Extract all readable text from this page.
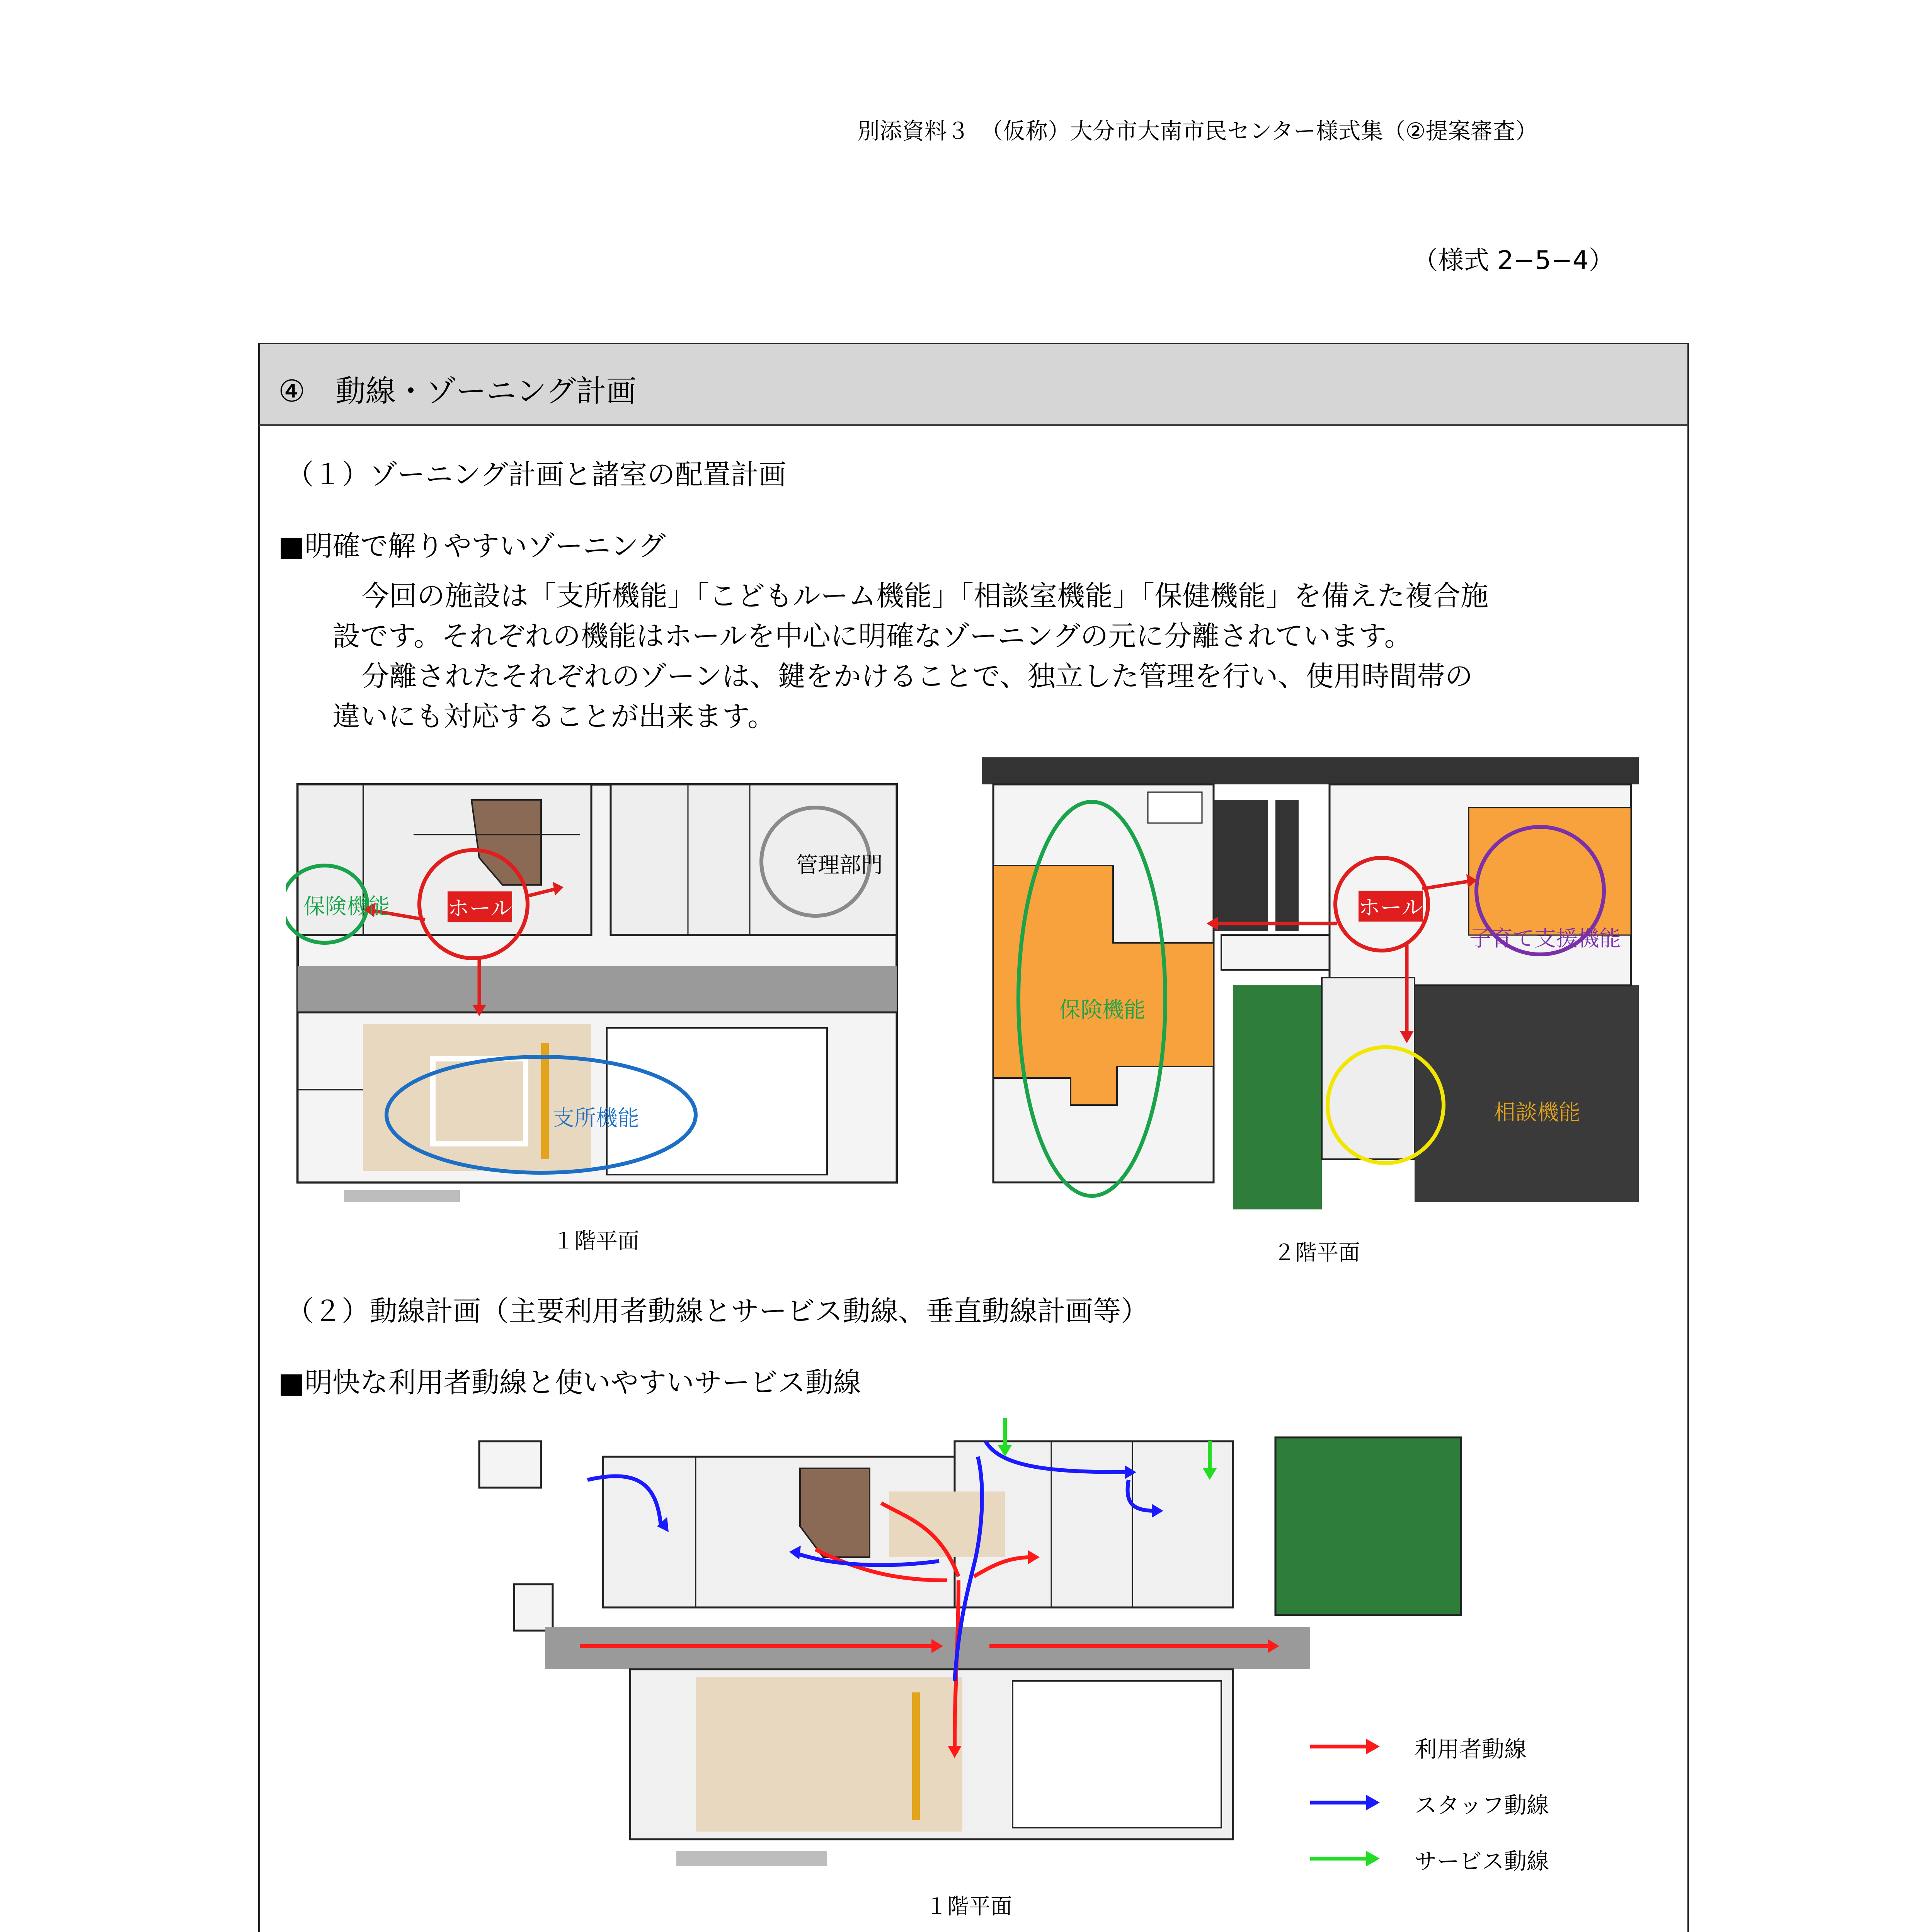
別添資料３　（仮称）大分市大南市民センター様式集（②提案審査）
（様式 2−5−4）
④　動線・ゾーニング計画
（１）ゾーニング計画と諸室の配置計画
■明確で解りやすいゾーニング
今回の施設は「支所機能」「こどもルーム機能」「相談室機能」「保健機能」を備えた複合施
設です。それぞれの機能はホールを中心に明確なゾーニングの元に分離されています。
分離されたそれぞれのゾーンは、鍵をかけることで、独立した管理を行い、使用時間帯の
違いにも対応することが出来ます。
保険機能	ホール
管理部門
支所機能
１階平面
保険機能
ホール
子育て支援機能
相談機能
２階平面
（２）動線計画（主要利用者動線とサービス動線、垂直動線計画等）
■明快な利用者動線と使いやすいサービス動線
１階平面
利用者動線
スタッフ動線
サービス動線
